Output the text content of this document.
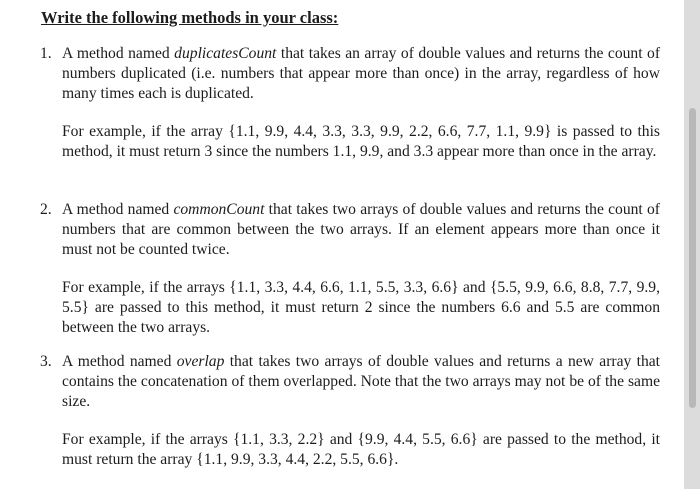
Write the following methods in your class:
1. A method named duplicatesCount that takes an array of double values and returns the count of numbers duplicated (i.e. numbers that appear more than once) in the array, regardless of how many times each is duplicated.
For example, if the array {1.1, 9.9, 4.4, 3.3, 3.3, 9.9, 2.2, 6.6, 7.7, 1.1, 9.9} is passed to this method, it must return 3 since the numbers 1.1, 9.9, and 3.3 appear more than once in the array.
2. A method named commonCount that takes two arrays of double values and returns the count of numbers that are common between the two arrays. If an element appears more than once it must not be counted twice.
For example, if the arrays {1.1, 3.3, 4.4, 6.6, 1.1, 5.5, 3.3, 6.6} and {5.5, 9.9, 6.6, 8.8, 7.7, 9.9, 5.5} are passed to this method, it must return 2 since the numbers 6.6 and 5.5 are common between the two arrays.
3. A method named overlap that takes two arrays of double values and returns a new array that contains the concatenation of them overlapped. Note that the two arrays may not be of the same size.
For example, if the arrays {1.1, 3.3, 2.2} and {9.9, 4.4, 5.5, 6.6} are passed to the method, it must return the array {1.1, 9.9, 3.3, 4.4, 2.2, 5.5, 6.6}.
